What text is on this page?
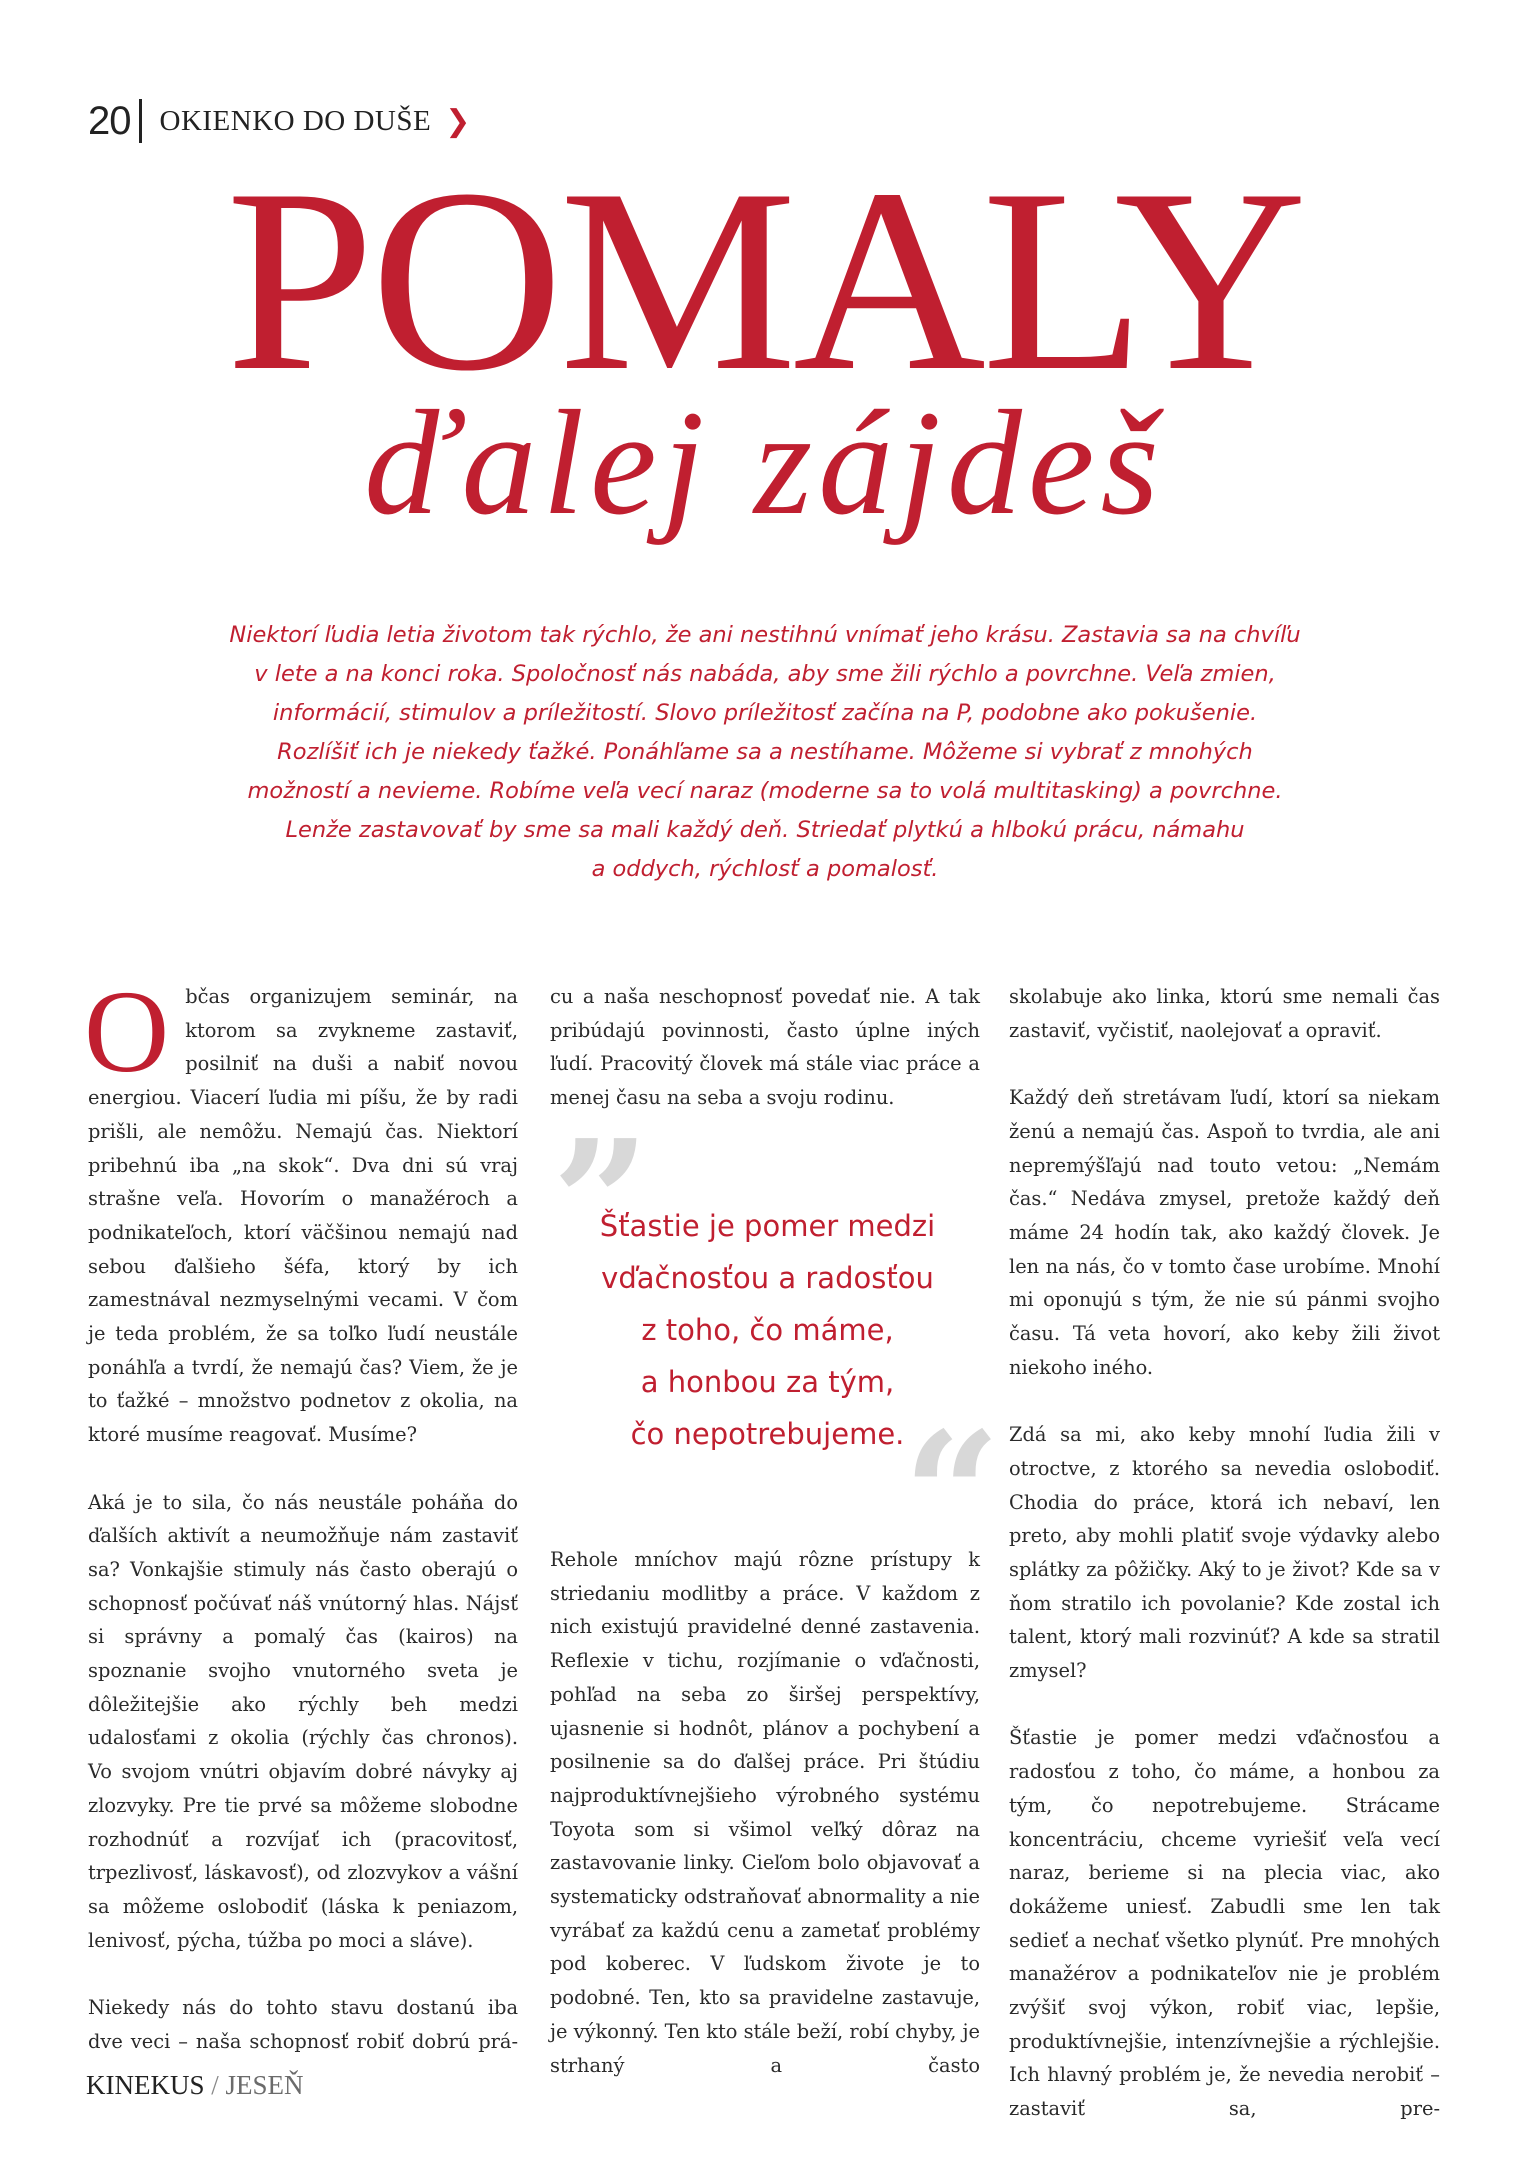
20 OKIENKO DO DUŠE ❯
POMALY
ďalej zájdeš
Niektorí ľudia letia životom tak rýchlo, že ani nestihnú vnímať jeho krásu. Zastavia sa na chvíľu
v lete a na konci roka. Spoločnosť nás nabáda, aby sme žili rýchlo a povrchne. Veľa zmien,
informácií, stimulov a príležitostí. Slovo príležitosť začína na P, podobne ako pokušenie.
Rozlíšiť ich je niekedy ťažké. Ponáhľame sa a nestíhame. Môžeme si vybrať z mnohých
možností a nevieme. Robíme veľa vecí naraz (moderne sa to volá multitasking) a povrchne.
Lenže zastavovať by sme sa mali každý deň. Striedať plytkú a hlbokú prácu, námahu
a oddych, rýchlosť a pomalosť.

Občas organizujem seminár, na ktorom sa zvykneme zastaviť, posilniť na duši a nabiť novou energiou. Viacerí ľudia mi píšu, že by radi prišli, ale nemôžu. Nemajú čas. Niektorí pribehnú iba „na skok“. Dva dni sú vraj strašne veľa. Hovorím o manažéroch a podnikateľoch, ktorí väčšinou nemajú nad sebou ďalšieho šéfa, ktorý by ich zamestnával nezmyselnými vecami. V čom je teda problém, že sa toľko ľudí neustále ponáhľa a tvrdí, že nemajú čas? Viem, že je to ťažké – množstvo podnetov z okolia, na ktoré musíme reagovať. Musíme?

Aká je to sila, čo nás neustále poháňa do ďalších aktivít a neumožňuje nám zastaviť sa? Vonkajšie stimuly nás často oberajú o schopnosť počúvať náš vnútorný hlas. Nájsť si správny a pomalý čas (kairos) na spoznanie svojho vnutorného sveta je dôležitejšie ako rýchly beh medzi udalosťami z okolia (rýchly čas chronos). Vo svojom vnútri objavím dobré návyky aj zlozvyky. Pre tie prvé sa môžeme slobodne rozhodnúť a rozvíjať ich (pracovitosť, trpezlivosť, láskavosť), od zlozvykov a vášní sa môžeme oslobodiť (láska k peniazom, lenivosť, pýcha, túžba po moci a sláve).

Niekedy nás do tohto stavu dostanú iba dve veci – naša schopnosť robiť dobrú prá-

cu a naša neschopnosť povedať nie. A tak pribúdajú povinnosti, často úplne iných ľudí. Pracovitý človek má stále viac práce a menej času na seba a svoju rodinu.

”
Šťastie je pomer medzi
vďačnosťou a radosťou
z toho, čo máme,
a honbou za tým,
čo nepotrebujeme.
“

Rehole mníchov majú rôzne prístupy k striedaniu modlitby a práce. V každom z nich existujú pravidelné denné zastavenia. Reflexie v tichu, rozjímanie o vďačnosti, pohľad na seba zo širšej perspektívy, ujasnenie si hodnôt, plánov a pochybení a posilnenie sa do ďalšej práce. Pri štúdiu najproduktívnejšieho výrobného systému Toyota som si všimol veľký dôraz na zastavovanie linky. Cieľom bolo objavovať a systematicky odstraňovať abnormality a nie vyrábať za každú cenu a zametať problémy pod koberec. V ľudskom živote je to podobné. Ten, kto sa pravidelne zastavuje, je výkonný. Ten kto stále beží, robí chyby, je strhaný a často

skolabuje ako linka, ktorú sme nemali čas zastaviť, vyčistiť, naolejovať a opraviť.

Každý deň stretávam ľudí, ktorí sa niekam ženú a nemajú čas. Aspoň to tvrdia, ale ani nepremýšľajú nad touto vetou: „Nemám čas.“ Nedáva zmysel, pretože každý deň máme 24 hodín tak, ako každý človek. Je len na nás, čo v tomto čase urobíme. Mnohí mi oponujú s tým, že nie sú pánmi svojho času. Tá veta hovorí, ako keby žili život niekoho iného.

Zdá sa mi, ako keby mnohí ľudia žili v otroctve, z ktorého sa nevedia oslobodiť. Chodia do práce, ktorá ich nebaví, len preto, aby mohli platiť svoje výdavky alebo splátky za pôžičky. Aký to je život? Kde sa v ňom stratilo ich povolanie? Kde zostal ich talent, ktorý mali rozvinúť? A kde sa stratil zmysel?

Šťastie je pomer medzi vďačnosťou a radosťou z toho, čo máme, a honbou za tým, čo nepotrebujeme. Strácame koncentráciu, chceme vyriešiť veľa vecí naraz, berieme si na plecia viac, ako dokážeme uniesť. Zabudli sme len tak sedieť a nechať všetko plynúť. Pre mnohých manažérov a podnikateľov nie je problém zvýšiť svoj výkon, robiť viac, lepšie, produktívnejšie, intenzívnejšie a rýchlejšie. Ich hlavný problém je, že nevedia nerobiť – zastaviť sa, pre-

KINEKUS / JESEŇ
